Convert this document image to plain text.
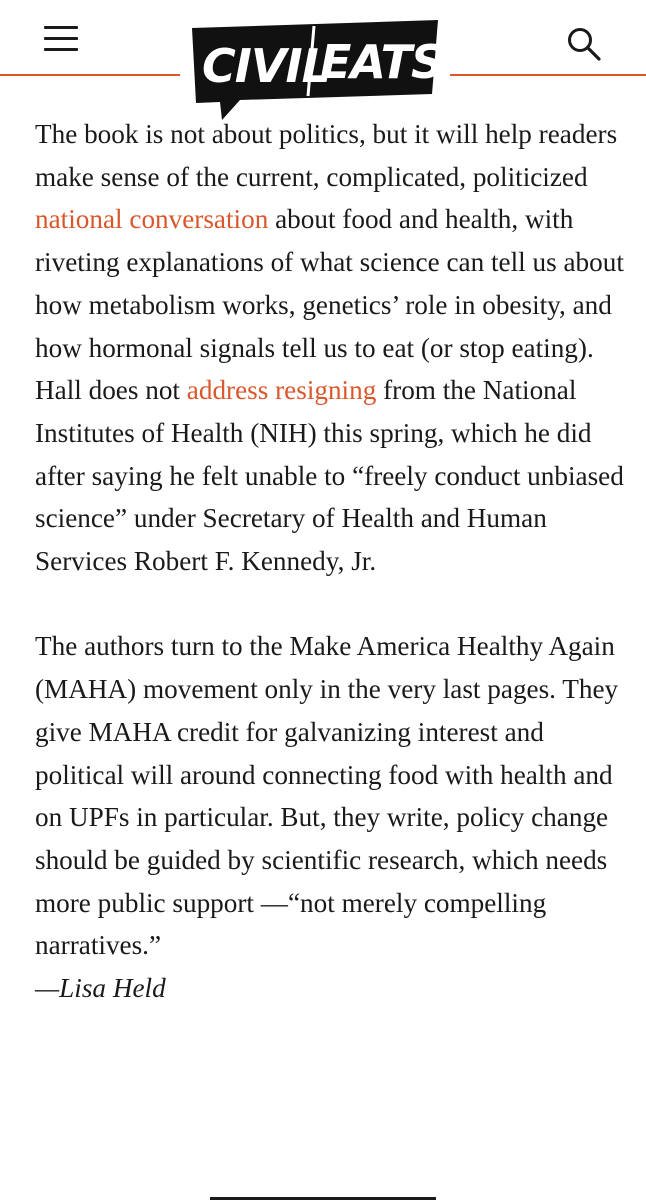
CIVIL
EATS

The book is not about politics, but it will help readers make sense of the current, complicated, politicized national conversation about food and health, with riveting explanations of what science can tell us about how metabolism works, genetics’ role in obesity, and how hormonal signals tell us to eat (or stop eating). Hall does not address resigning from the National Institutes of Health (NIH) this spring, which he did after saying he felt unable to “freely conduct unbiased science” under Secretary of Health and Human Services Robert F. Kennedy, Jr.

The authors turn to the Make America Healthy Again (MAHA) movement only in the very last pages. They give MAHA credit for galvanizing interest and political will around connecting food with health and on UPFs in particular. But, they write, policy change should be guided by scientific research, which needs more public support —“not merely compelling narratives.”
—Lisa Held
